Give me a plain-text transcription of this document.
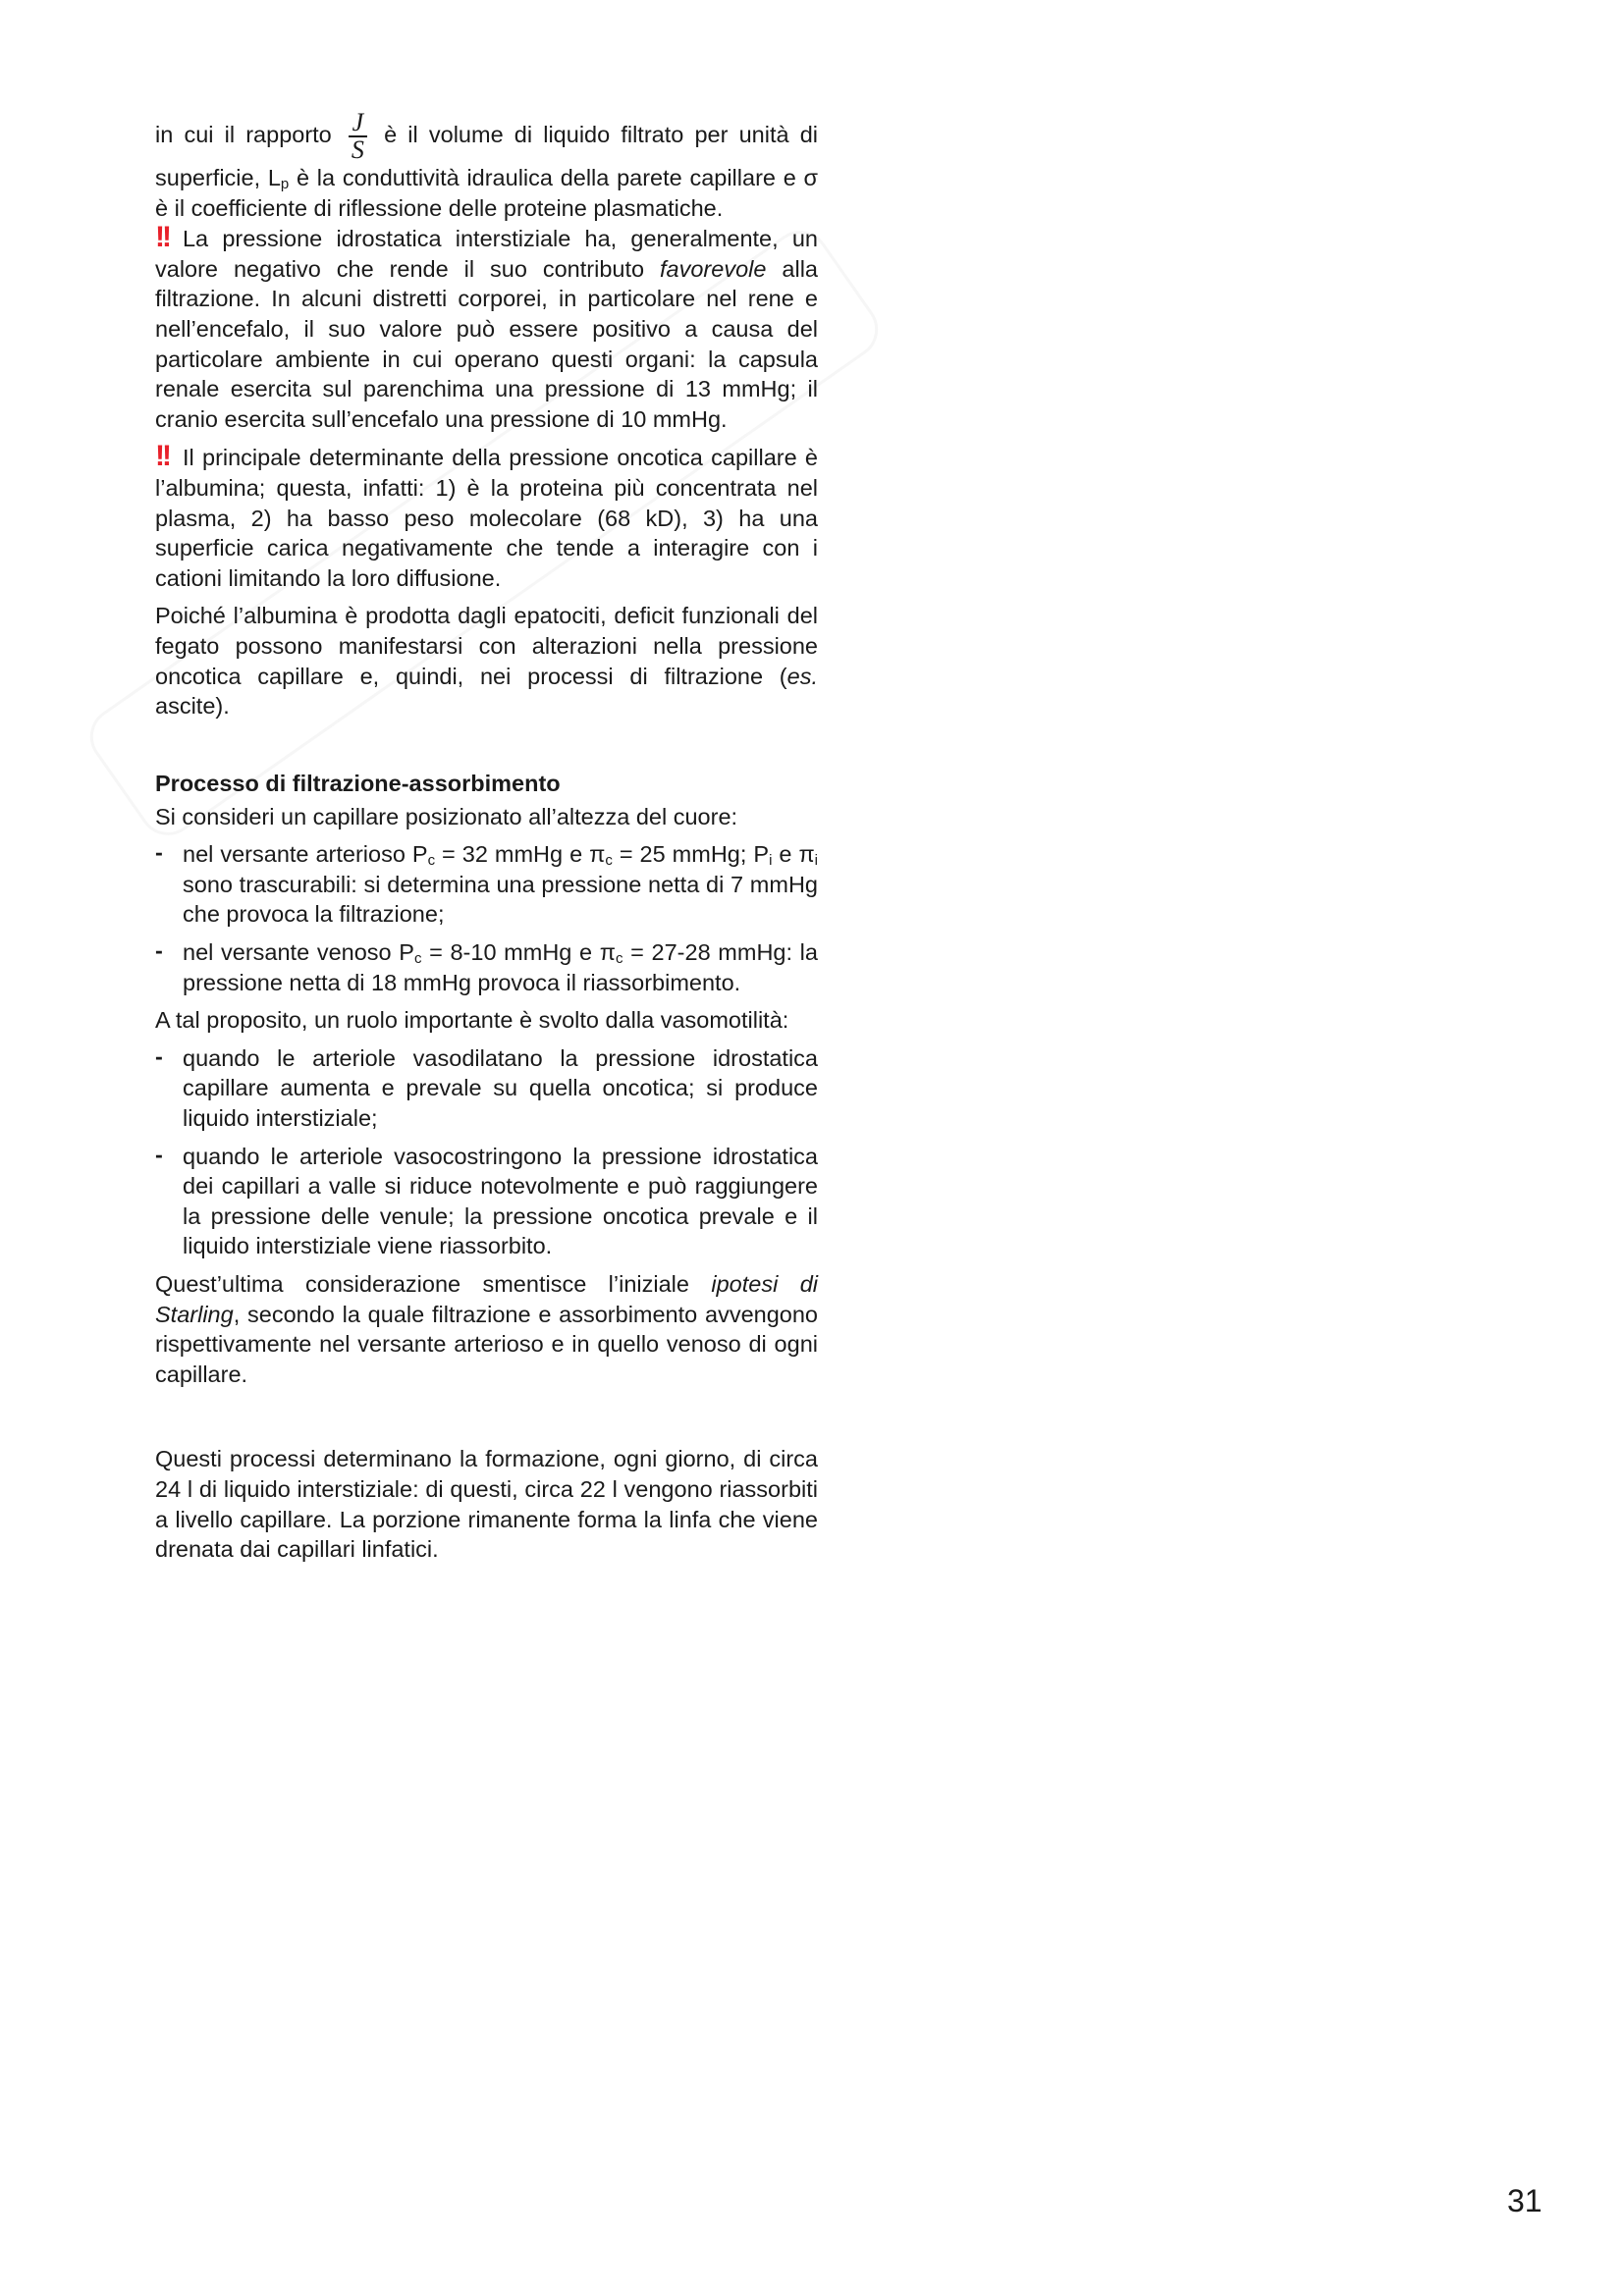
in cui il rapporto $\frac{J}{S}$ è il volume di liquido filtrato per unità di superficie, $L_p$ è la conduttività idraulica della parete capillare e σ è il coefficiente di riflessione delle proteine plasmatiche.

!! La pressione idrostatica interstiziale ha, generalmente, un valore negativo che rende il suo contributo favorevole alla filtrazione. In alcuni distretti corporei, in particolare nel rene e nell’encefalo, il suo valore può essere positivo a causa del particolare ambiente in cui operano questi organi: la capsula renale esercita sul parenchima una pressione di 13 mmHg; il cranio esercita sull’encefalo una pressione di 10 mmHg.

!! Il principale determinante della pressione oncotica capillare è l’albumina; questa, infatti: 1) è la proteina più concentrata nel plasma, 2) ha basso peso molecolare (68 kD), 3) ha una superficie carica negativamente che tende a interagire con i cationi limitando la loro diffusione.

Poiché l’albumina è prodotta dagli epatociti, deficit funzionali del fegato possono manifestarsi con alterazioni nella pressione oncotica capillare e, quindi, nei processi di filtrazione (es. ascite).

Processo di filtrazione-assorbimento

Si consideri un capillare posizionato all’altezza del cuore:

- nel versante arterioso $P_c = 32$ mmHg e $\pi_c = 25$ mmHg; $P_i$ e $\pi_i$ sono trascurabili: si determina una pressione netta di 7 mmHg che provoca la filtrazione;
- nel versante venoso $P_c = 8-10$ mmHg e $\pi_c = 27-28$ mmHg: la pressione netta di 18 mmHg provoca il riassorbimento.

A tal proposito, un ruolo importante è svolto dalla vasomotilità:

- quando le arteriole vasodilatano la pressione idrostatica capillare aumenta e prevale su quella oncotica; si produce liquido interstiziale;
- quando le arteriole vasocostringono la pressione idrostatica dei capillari a valle si riduce notevolmente e può raggiungere la pressione delle venule; la pressione oncotica prevale e il liquido interstiziale viene riassorbito.

Quest’ultima considerazione smentisce l’iniziale ipotesi di Starling, secondo la quale filtrazione e assorbimento avvengono rispettivamente nel versante arterioso e in quello venoso di ogni capillare.

Questi processi determinano la formazione, ogni giorno, di circa 24 l di liquido interstiziale: di questi, circa 22 l vengono riassorbiti a livello capillare. La porzione rimanente forma la linfa che viene drenata dai capillari linfatici.

31
